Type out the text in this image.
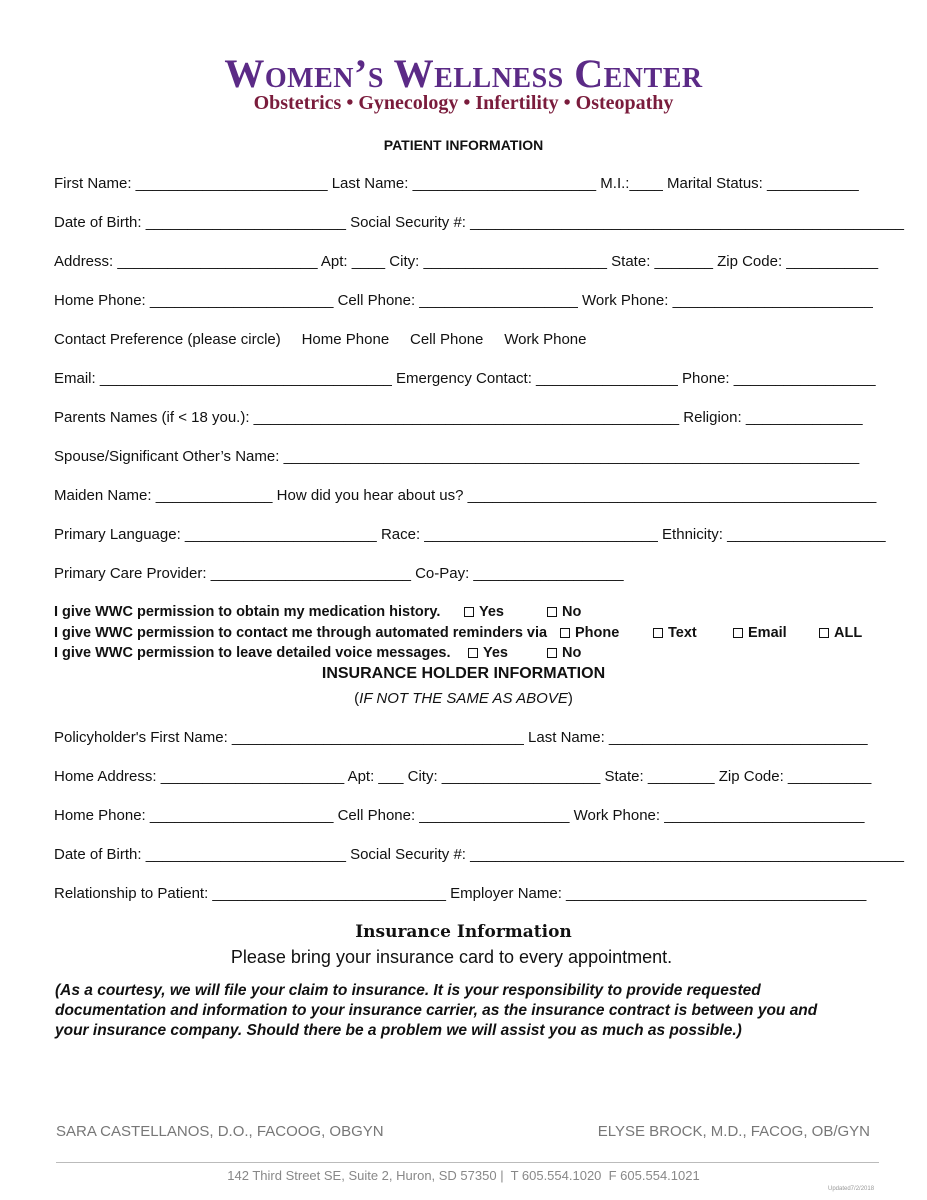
Women’s Wellness Center
Obstetrics • Gynecology • Infertility • Osteopathy
PATIENT INFORMATION
First Name: _______________________ Last Name: ______________________ M.I.:____ Marital Status: ___________
Date of Birth: ________________________ Social Security #: ____________________________________________________
Address: ________________________ Apt: ____ City: ______________________ State: _______ Zip Code: ___________
Home Phone: ______________________ Cell Phone: ___________________ Work Phone: ________________________
Contact Preference (please circle)     Home Phone     Cell Phone     Work Phone
Email: ___________________________________ Emergency Contact: _________________ Phone: _________________
Parents Names (if < 18 you.): ___________________________________________________ Religion: ______________
Spouse/Significant Other’s Name: _____________________________________________________________________
Maiden Name: ______________ How did you hear about us? _________________________________________________
Primary Language: _______________________ Race: ____________________________ Ethnicity: ___________________
Primary Care Provider: ________________________ Co-Pay: __________________
I give WWC permission to obtain my medication history.	Yes	No
I give WWC permission to contact me through automated reminders via	Phone	Text	Email	ALL
I give WWC permission to leave detailed voice messages.	Yes	No
INSURANCE HOLDER INFORMATION
(IF NOT THE SAME AS ABOVE)
Policyholder's First Name: ___________________________________ Last Name: _______________________________
Home Address: ______________________ Apt: ___ City: ___________________ State: ________ Zip Code: __________
Home Phone: ______________________ Cell Phone: __________________ Work Phone: ________________________
Date of Birth: ________________________ Social Security #: ____________________________________________________
Relationship to Patient: ____________________________ Employer Name: ____________________________________
Insurance Information
Please bring your insurance card to every appointment.
(As a courtesy, we will file your claim to insurance. It is your responsibility to provide requested
documentation and information to your insurance carrier, as the insurance contract is between you and
your insurance company. Should there be a problem we will assist you as much as possible.)
SARA CASTELLANOS, D.O., FACOOG, OBGYN	ELYSE BROCK, M.D., FACOG, OB/GYN
142 Third Street SE, Suite 2, Huron, SD 57350 |  T 605.554.1020  F 605.554.1021
Updated7/2/2018
